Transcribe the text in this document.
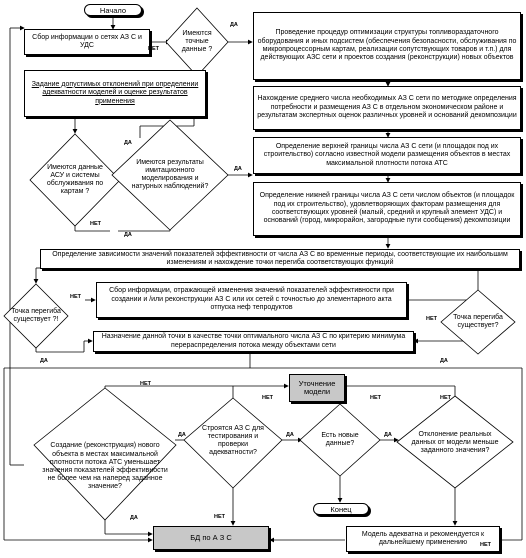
Начало
Сбор информации о сетях АЗ С и УДС
Задание допустимых отклонений при определении адекватности моделей и оценке результатов применения
Проведение процедур оптимизации структуры топливораздаточного оборудования и иных подсистем (обеспечения безопасности, обслуживания по микропроцессорным картам, реализации сопутствующих товаров и т.п.) для действующих АЗС сети и проектов создания (реконструкции) новых объектов
Нахождение среднего числа необходимых АЗ С сети по методике определения потребности и размещения АЗ С в отдельном экономическом районе и результатам экспертных оценок различных уровней и оснований декомпозиции
Определение верхней границы числа АЗ С сети (и площадок под их строительство) согласно известной модели размещения объектов в местах максимальной плотности потока АТС
Определение нижней границы числа АЗ С сети числом объектов (и площадок под их строительство), удовлетворяющих факторам размещения для соответствующих уровней (малый, средний и крупный элемент УДС) и оснований (город, микрорайон, загородные пути сообщения) декомпозиции
Определение зависимости значений показателей эффективности от числа АЗ С во временные периоды, соответствующие их наибольшим изменениям и нахождение точки перегиба соответствующих функций
Сбор информации, отражающей изменения значений показателей эффективности при создании и /или реконструкции АЗ С или их сетей с точностью до элементарного акта отпуска неф тепродуктов
Назначение данной точки в качестве точки оптимального числа АЗ С по критерию минимума перераспределения потока между объектами сети
Уточнение модели
Модель адекватна и рекомендуется к дальнейшему применению
БД по А З С
Конец
Имеются точные данные ?
Имеются данные АСУ и системы обслуживания по картам ?
Имеются результаты имитационного моделирования и натурных наблюдений?
Точка перегиба существует ?!	Точка перегиба существует?
Создание (реконструкция) нового объекта в местах максимальной плотности потока АТС уменьшает значения показателей эффективности не более чем на наперед заданное значение?
Строятся АЗ С для тестирования и проверки адекватности?
Есть новые данные?
Отклонение реальных данных от модели меньше заданного значения?
ДА
НЕТ
ДА
НЕТ
ДА
ДА
НЕТ
ДА
НЕТ
ДА
НЕТ
НЕТ	НЕТ	НЕТ
ДА	ДА	ДА
ДА
НЕТ
НЕТ
